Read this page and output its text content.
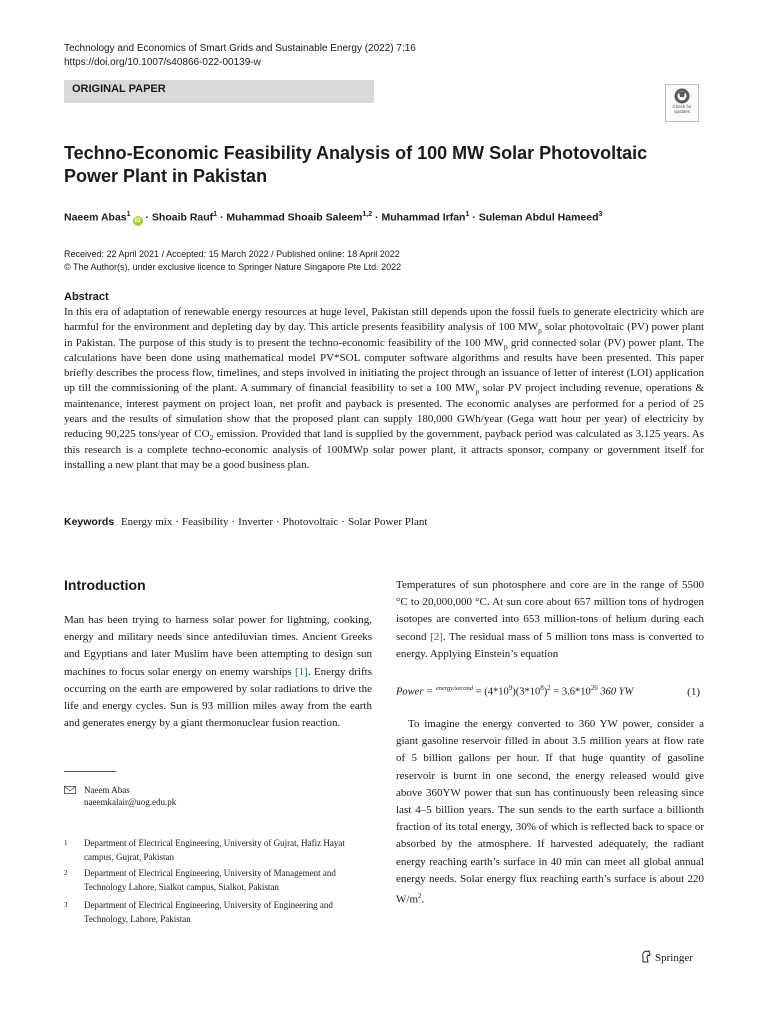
Technology and Economics of Smart Grids and Sustainable Energy (2022) 7:16
https://doi.org/10.1007/s40866-022-00139-w
ORIGINAL PAPER
Check for
updates
Techno-Economic Feasibility Analysis of 100 MW Solar Photovoltaic Power Plant in Pakistan
Naeem Abas$^1$iD · Shoaib Rauf$^1$ · Muhammad Shoaib Saleem$^{1,2}$ · Muhammad Irfan$^1$ · Suleman Abdul Hameed$^3$
Received: 22 April 2021 / Accepted: 15 March 2022 / Published online: 18 April 2022
© The Author(s), under exclusive licence to Springer Nature Singapore Pte Ltd. 2022
Abstract
In this era of adaptation of renewable energy resources at huge level, Pakistan still depends upon the fossil fuels to generate electricity which are harmful for the environment and depleting day by day. This article presents feasibility analysis of 100 $MW_p$ solar photovoltaic (PV) power plant in Pakistan. The purpose of this study is to present the techno-economic feasibility of the 100 $MW_p$ grid connected solar (PV) power plant. The calculations have been done using mathematical model PV*SOL computer software algorithms and results have been presented. This paper briefly describes the process flow, timelines, and steps involved in initiating the project through an issuance of letter of interest (LOI) application up till the commissioning of the plant. A summary of financial feasibility to set a 100 $MW_p$ solar PV project including revenue, operations & maintenance, interest payment on project loan, net profit and payback is presented. The economic analyses are performed for a period of 25 years and the results of simulation show that the proposed plant can supply 180,000 GWh/year (Gega watt hour per year) of electricity by reducing 90,225 tons/year of $CO_2$ emission. Provided that land is supplied by the government, payback period was calculated as 3.125 years. As this research is a complete techno-economic analysis of 100MWp solar power plant, it attracts sponsor, company or government itself for installing a new plant that may be a good business plan.
Keywords Energy mix · Feasibility · Inverter · Photovoltaic · Solar Power Plant
Introduction
Man has been trying to harness solar power for lightning, cooking, energy and military needs since antediluvian times. Ancient Greeks and Egyptians and later Muslim have been attempting to design sun machines to focus solar energy on enemy warships [1]. Energy drifts occurring on the earth are empowered by solar radiations to drive the life and energy cycles. Sun is 93 million miles away from the earth and generates energy by a giant thermonuclear fusion reaction.
Naeem Abas
naeemkalair@uog.edu.pk
1 Department of Electrical Engineering, University of Gujrat, Hafiz Hayat campus, Gujrat, Pakistan
2 Department of Electrical Engineering, University of Management and Technology Lahore, Sialkot campus, Sialkot, Pakistan
3 Department of Electrical Engineering, University of Engineering and Technology, Lahore, Pakistan
Temperatures of sun photosphere and core are in the range of 5500 °C to 20,000,000 °C. At sun core about 657 million tons of hydrogen isotopes are converted into 653 million-tons of helium during each second [2]. The residual mass of 5 million tons mass is converted to energy. Applying Einstein’s equation
Power = $^{energy/second} = (4*10^9)(3*10^8)^2 = 3.6*10^{26}$ 360 YW	(1)

To imagine the energy converted to 360 YW power, consider a giant gasoline reservoir filled in about 3.5 million years at flow rate of 5 billion gallons per hour. If that huge quantity of gasoline reservoir is burnt in one second, the energy released would give above 360YW power that sun has continuously been releasing since last 4–5 billion years. The sun sends to the earth surface a billionth fraction of its total energy, 30% of which is reflected back to space or absorbed by the atmosphere. If harvested adequately, the radiant energy reaching earth’s surface in 40 min can meet all global annual energy needs. Solar energy flux reaching earth’s surface is about 220 $W/m^2$.

Springer
